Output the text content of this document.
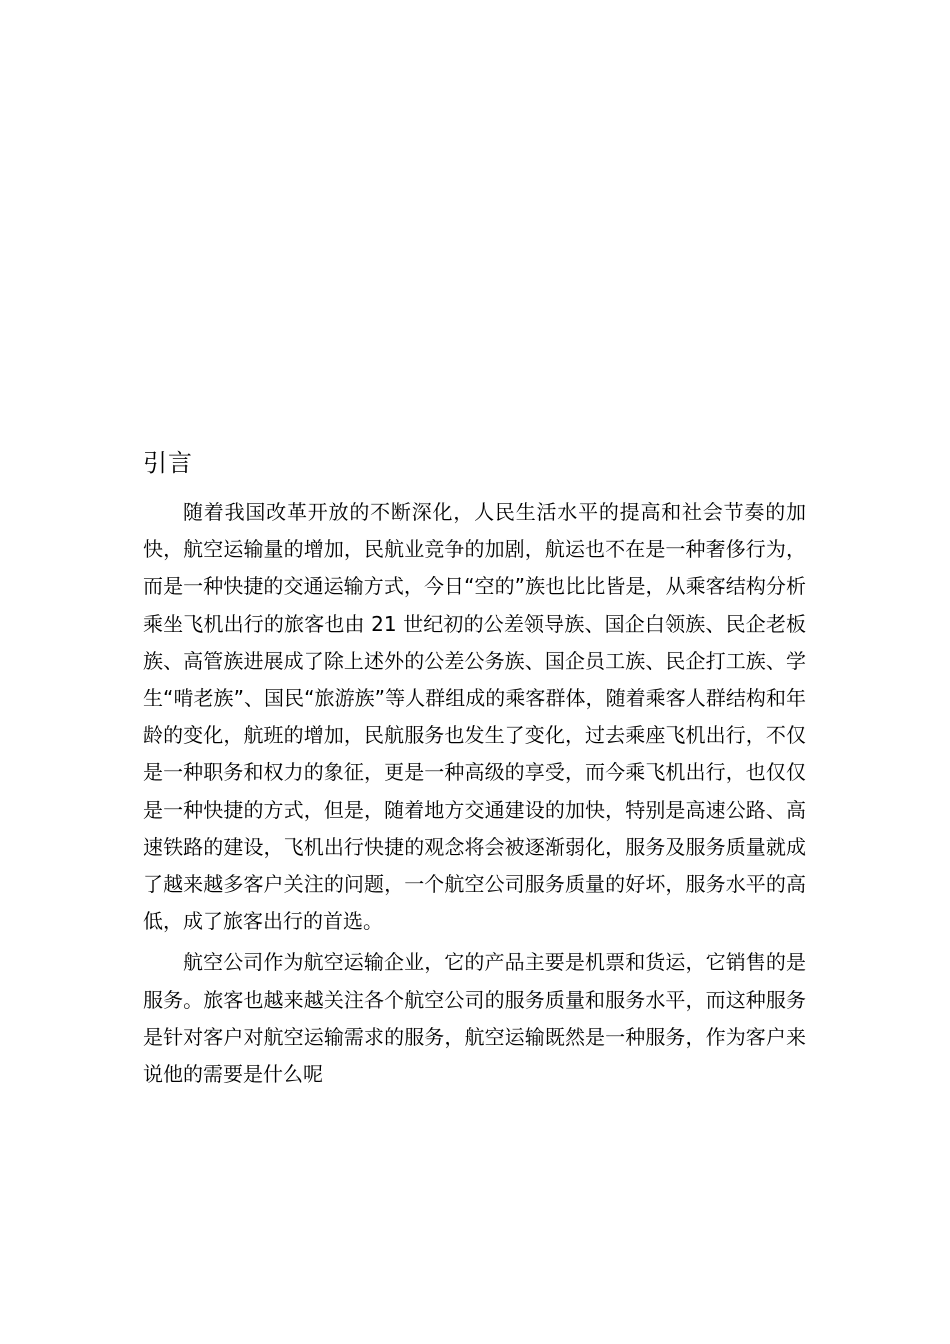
引言

随着我国改革开放的不断深化，人民生活水平的提高和社会节奏的加快，航空运输量的增加，民航业竞争的加剧，航运也不在是一种奢侈行为，而是一种快捷的交通运输方式，今日“空的”族也比比皆是，从乘客结构分析乘坐飞机出行的旅客也由 21 世纪初的公差领导族、国企白领族、民企老板族、高管族进展成了除上述外的公差公务族、国企员工族、民企打工族、学生“啃老族”、国民“旅游族”等人群组成的乘客群体，随着乘客人群结构和年龄的变化，航班的增加，民航服务也发生了变化，过去乘座飞机出行，不仅是一种职务和权力的象征，更是一种高级的享受，而今乘飞机出行，也仅仅是一种快捷的方式，但是，随着地方交通建设的加快，特别是高速公路、高速铁路的建设，飞机出行快捷的观念将会被逐渐弱化，服务及服务质量就成了越来越多客户关注的问题，一个航空公司服务质量的好坏，服务水平的高低，成了旅客出行的首选。

航空公司作为航空运输企业，它的产品主要是机票和货运，它销售的是服务。旅客也越来越关注各个航空公司的服务质量和服务水平，而这种服务是针对客户对航空运输需求的服务，航空运输既然是一种服务，作为客户来说他的需要是什么呢
